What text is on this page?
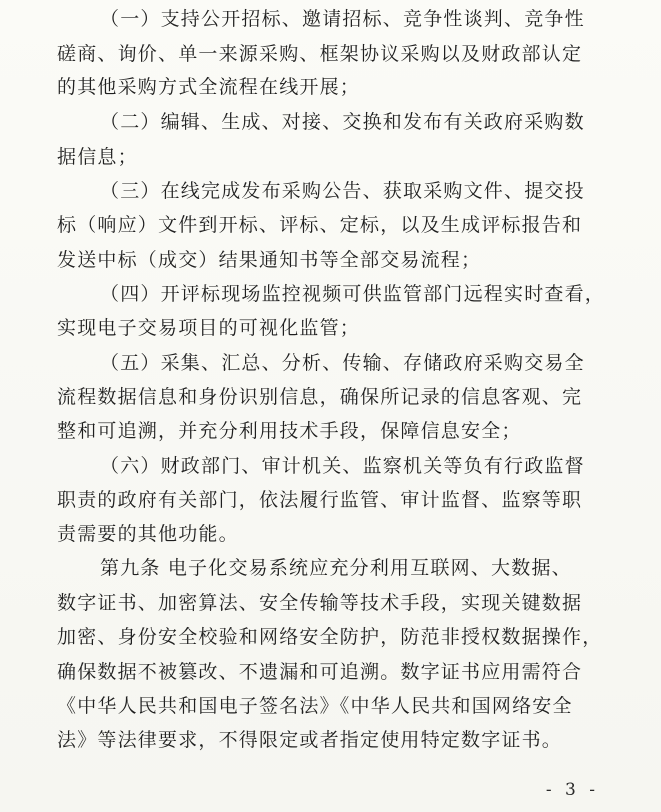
（一）支持公开招标、邀请招标、竞争性谈判、竞争性
磋商、询价、单一来源采购、框架协议采购以及财政部认定
的其他采购方式全流程在线开展；
（二）编辑、生成、对接、交换和发布有关政府采购数
据信息；
（三）在线完成发布采购公告、获取采购文件、提交投
标（响应）文件到开标、评标、定标，以及生成评标报告和
发送中标（成交）结果通知书等全部交易流程；
（四）开评标现场监控视频可供监管部门远程实时查看，
实现电子交易项目的可视化监管；
（五）采集、汇总、分析、传输、存储政府采购交易全
流程数据信息和身份识别信息，确保所记录的信息客观、完
整和可追溯，并充分利用技术手段，保障信息安全；
（六）财政部门、审计机关、监察机关等负有行政监督
职责的政府有关部门，依法履行监管、审计监督、监察等职
责需要的其他功能。
第九条 电子化交易系统应充分利用互联网、大数据、
数字证书、加密算法、安全传输等技术手段，实现关键数据
加密、身份安全校验和网络安全防护，防范非授权数据操作，
确保数据不被篡改、不遗漏和可追溯。数字证书应用需符合
《中华人民共和国电子签名法》《中华人民共和国网络安全
法》等法律要求，不得限定或者指定使用特定数字证书。
- 3 -
